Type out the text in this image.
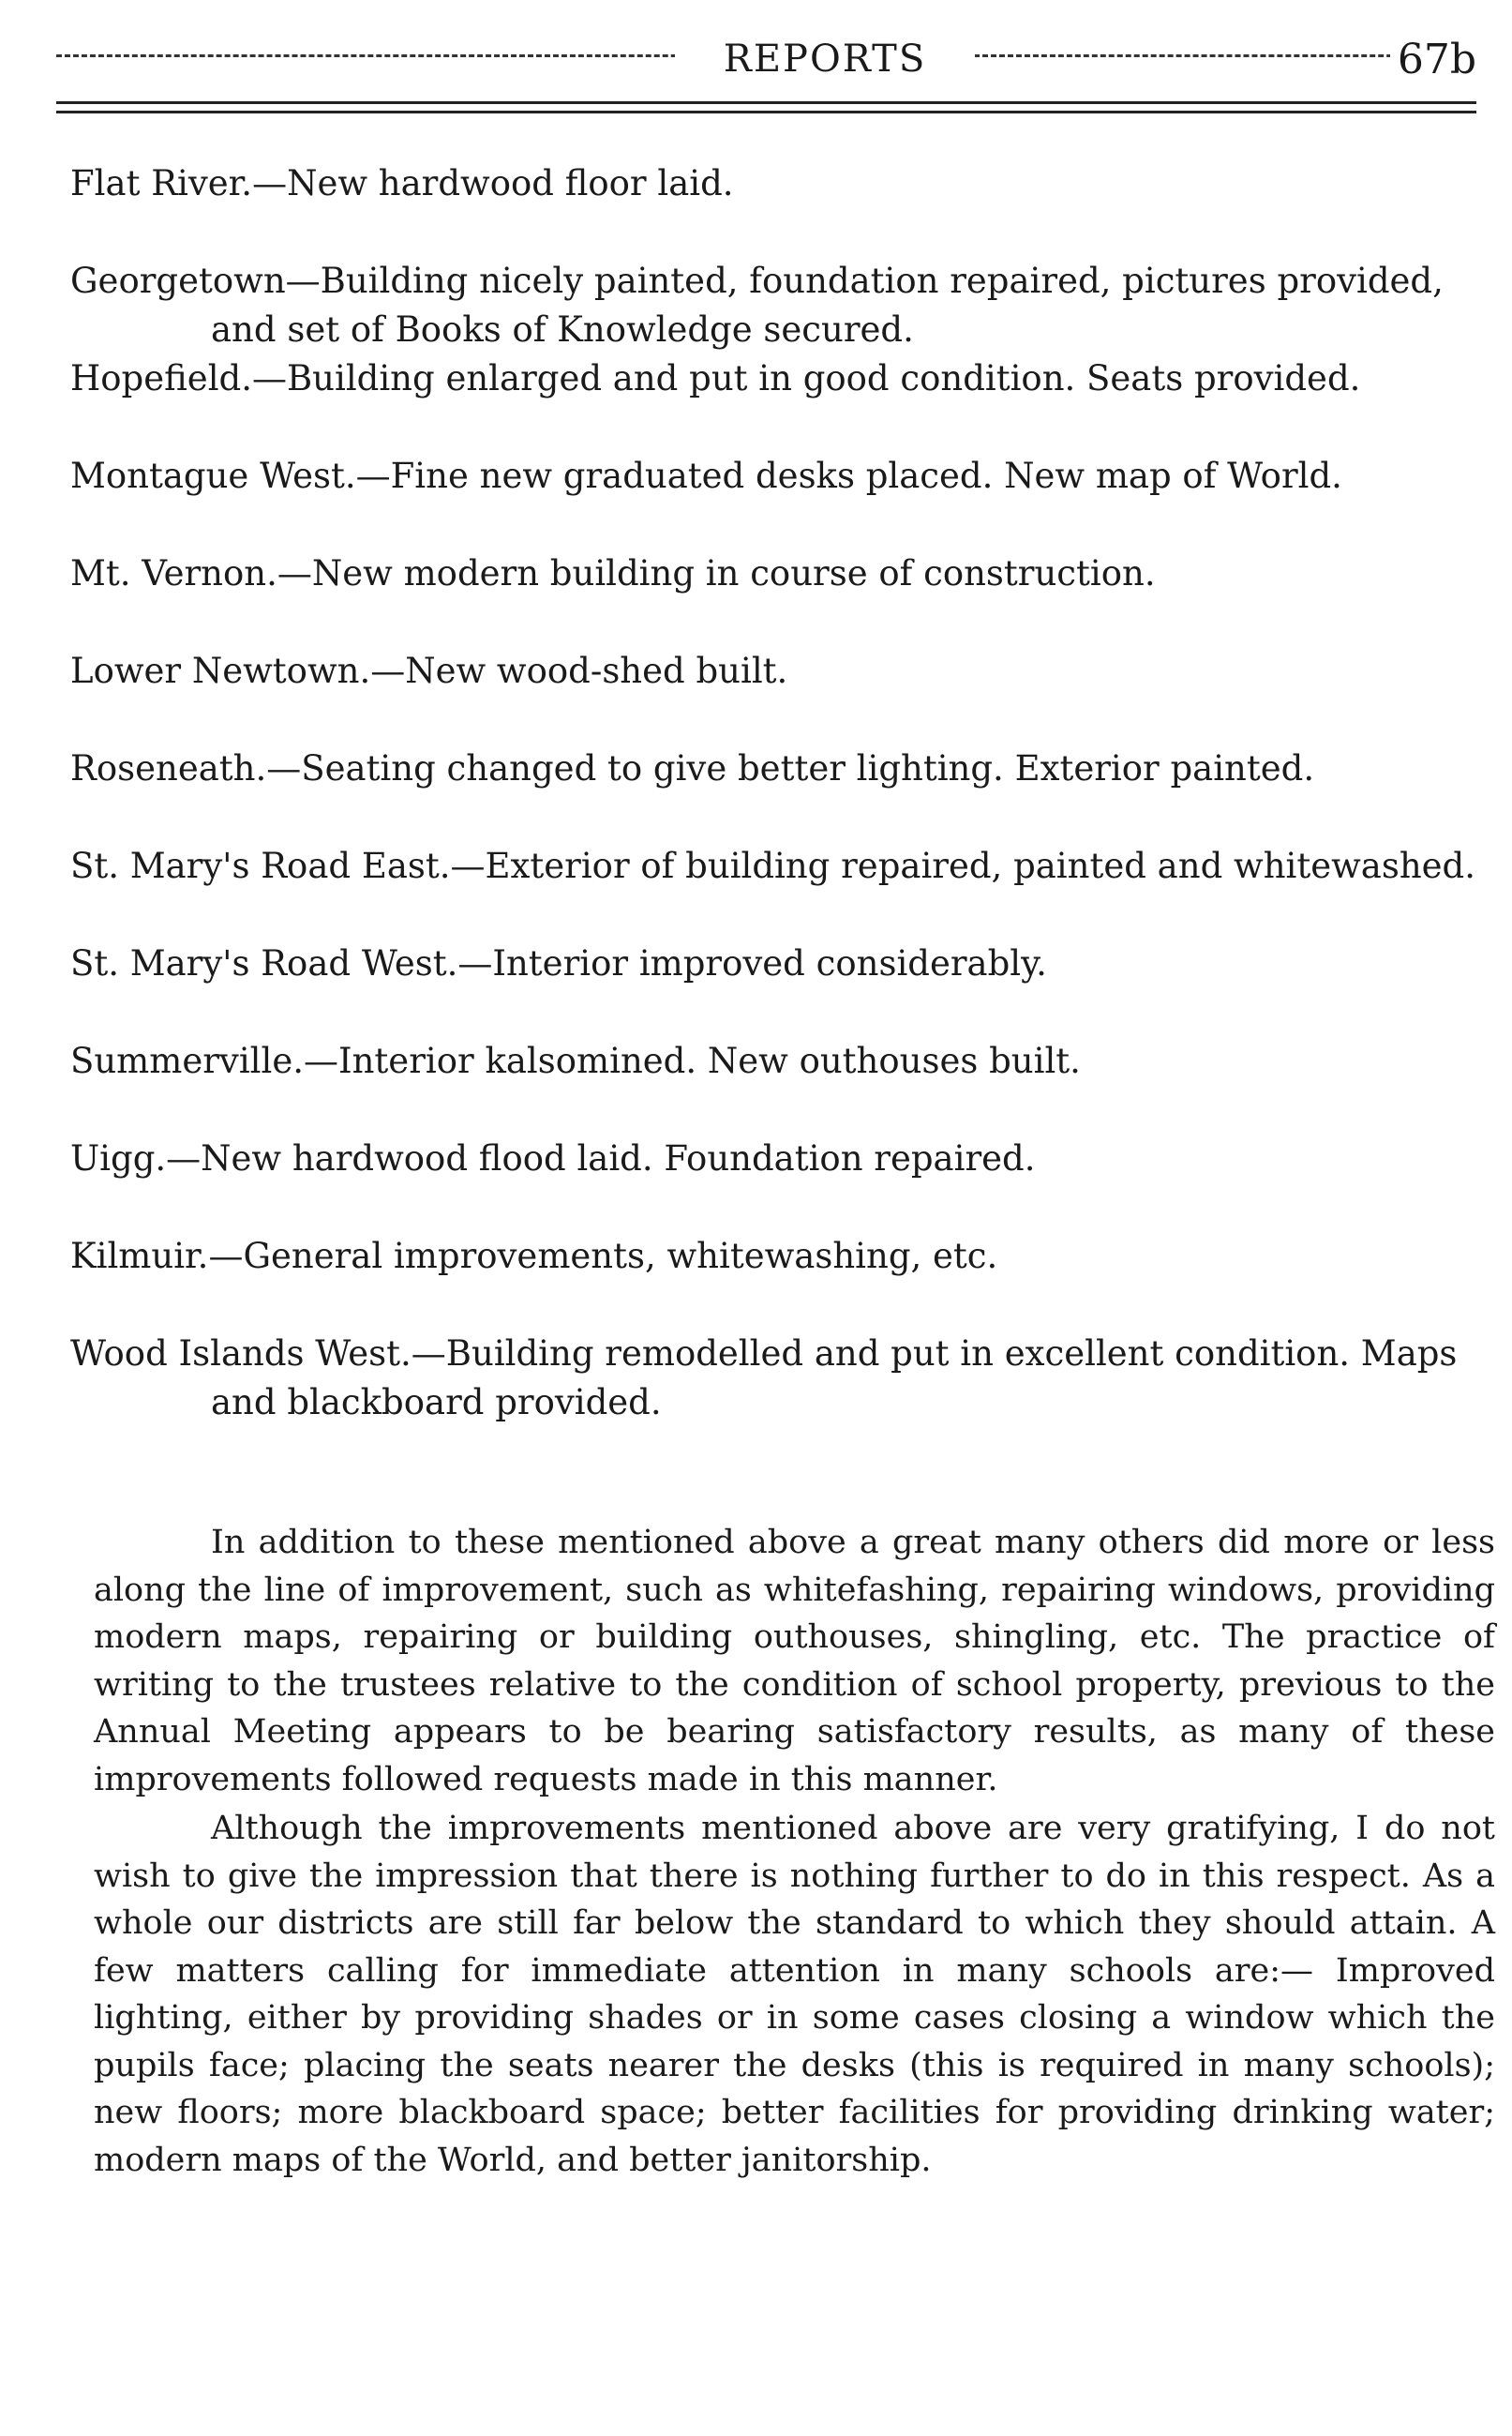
REPORTS	67b

Flat River.—New hardwood floor laid.

Georgetown—Building nicely painted, foundation repaired, pictures provided, and set of Books of Knowledge secured.

Hopefield.—Building enlarged and put in good condition. Seats provided.

Montague West.—Fine new graduated desks placed. New map of World.

Mt. Vernon.—New modern building in course of construction.

Lower Newtown.—New wood-shed built.

Roseneath.—Seating changed to give better lighting. Exterior painted.

St. Mary's Road East.—Exterior of building repaired, painted and whitewashed.

St. Mary's Road West.—Interior improved considerably.

Summerville.—Interior kalsomined. New outhouses built.

Uigg.—New hardwood flood laid. Foundation repaired.

Kilmuir.—General improvements, whitewashing, etc.

Wood Islands West.—Building remodelled and put in excellent condition. Maps and blackboard provided.

In addition to these mentioned above a great many others did more or less along the line of improvement, such as whitefashing, repairing windows, providing modern maps, repairing or building outhouses, shingling, etc. The practice of writing to the trustees relative to the condition of school property, previous to the Annual Meeting appears to be bearing satisfactory results, as many of these improvements followed requests made in this manner.

Although the improvements mentioned above are very gratifying, I do not wish to give the impression that there is nothing further to do in this respect. As a whole our districts are still far below the standard to which they should attain. A few matters calling for immediate attention in many schools are:— Improved lighting, either by providing shades or in some cases closing a window which the pupils face; placing the seats nearer the desks (this is required in many schools); new floors; more blackboard space; better facilities for providing drinking water; modern maps of the World, and better janitorship.
